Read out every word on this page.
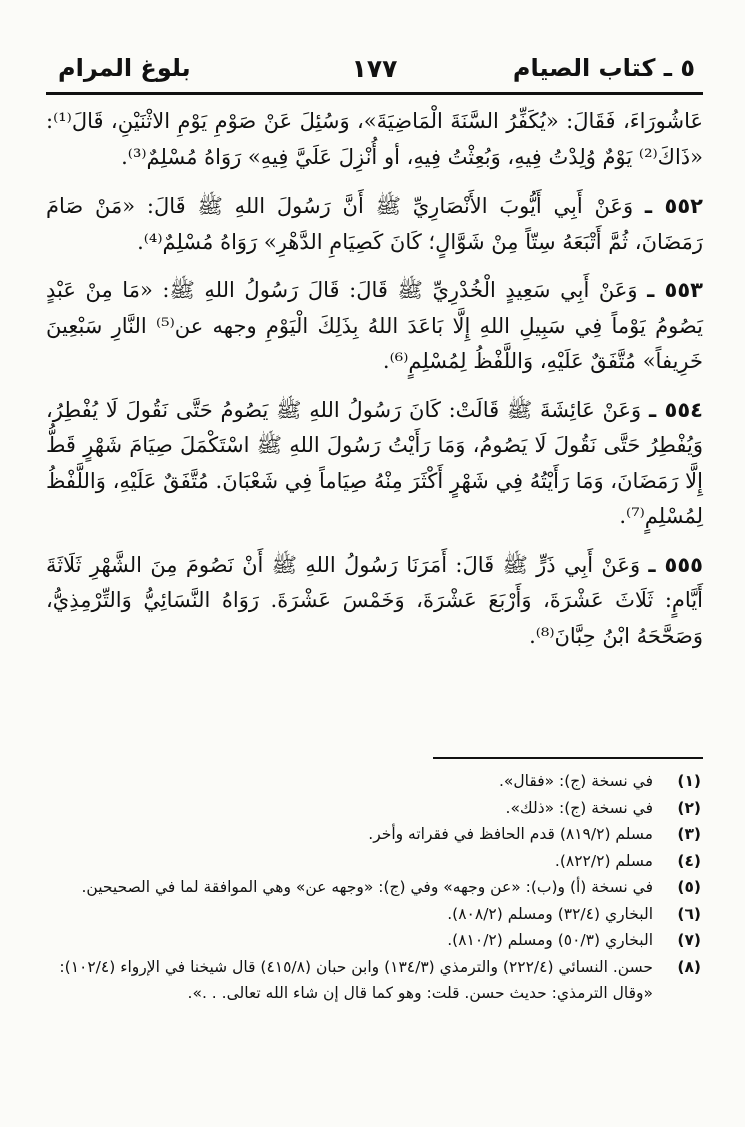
بلوغ المرام	١٧٧	٥ ـ كتاب الصيام

عَاشُورَاءَ، فَقَالَ: «يُكَفِّرُ السَّنَةَ الْمَاضِيَةَ»، وَسُئِلَ عَنْ صَوْمِ يَوْمِ الاثْنَيْنِ، قَالَ⁽¹⁾: «ذَاكَ⁽²⁾ يَوْمٌ وُلِدْتُ فِيهِ، وَبُعِثْتُ فِيهِ، أو أُنْزِلَ عَلَيَّ فِيهِ» رَوَاهُ مُسْلِمٌ⁽³⁾.

٥٥٢ ـ وَعَنْ أَبِي أَيُّوبَ الأَنْصَارِيِّ ﷺ أَنَّ رَسُولَ اللهِ ﷺ قَالَ: «مَنْ صَامَ رَمَضَانَ، ثُمَّ أَتْبَعَهُ سِتّاً مِنْ شَوَّالٍ؛ كَانَ كَصِيَامِ الدَّهْرِ» رَوَاهُ مُسْلِمٌ⁽⁴⁾.

٥٥٣ ـ وَعَنْ أَبِي سَعِيدٍ الْخُدْرِيِّ ﷺ قَالَ: قَالَ رَسُولُ اللهِ ﷺ: «مَا مِنْ عَبْدٍ يَصُومُ يَوْماً فِي سَبِيلِ اللهِ إِلَّا بَاعَدَ اللهُ بِذَلِكَ الْيَوْمِ وجهه عن⁽⁵⁾ النَّارِ سَبْعِينَ خَرِيفاً» مُتَّفَقٌ عَلَيْهِ، وَاللَّفْظُ لِمُسْلِمٍ⁽⁶⁾.

٥٥٤ ـ وَعَنْ عَائِشَةَ ﷺ قَالَتْ: كَانَ رَسُولُ اللهِ ﷺ يَصُومُ حَتَّى نَقُولَ لَا يُفْطِرُ، وَيُفْطِرُ حَتَّى نَقُولَ لَا يَصُومُ، وَمَا رَأَيْتُ رَسُولَ اللهِ ﷺ اسْتَكْمَلَ صِيَامَ شَهْرٍ قَطُّ إِلَّا رَمَضَانَ، وَمَا رَأَيْتُهُ فِي شَهْرٍ أَكْثَرَ مِنْهُ صِيَاماً فِي شَعْبَانَ. مُتَّفَقٌ عَلَيْهِ، وَاللَّفْظُ لِمُسْلِمٍ⁽⁷⁾.

٥٥٥ ـ وَعَنْ أَبِي ذَرٍّ ﷺ قَالَ: أَمَرَنَا رَسُولُ اللهِ ﷺ أَنْ نَصُومَ مِنَ الشَّهْرِ ثَلَاثَةَ أَيَّامٍ: ثَلَاثَ عَشْرَةَ، وَأَرْبَعَ عَشْرَةَ، وَخَمْسَ عَشْرَةَ. رَوَاهُ النَّسَائِيُّ وَالتِّرْمِذِيُّ، وَصَحَّحَهُ ابْنُ حِبَّانَ⁽⁸⁾.

(١)
في نسخة (ج): «فقال».
(٢)
في نسخة (ج): «ذلك».
(٣)
مسلم (٨١٩/٢) قدم الحافظ في فقراته وأخر.
(٤)
مسلم (٨٢٢/٢).
(٥)
في نسخة (أ) و(ب): «عن وجهه» وفي (ج): «وجهه عن» وهي الموافقة لما في الصحيحين.
(٦)
البخاري (٣٢/٤) ومسلم (٨٠٨/٢).
(٧)
البخاري (٥٠/٣) ومسلم (٨١٠/٢).
(٨)
حسن. النسائي (٢٢٢/٤) والترمذي (١٣٤/٣) وابن حبان (٤١٥/٨) قال شيخنا في الإرواء (١٠٢/٤): «وقال الترمذي: حديث حسن. قلت: وهو كما قال إن شاء الله تعالى. . .».
